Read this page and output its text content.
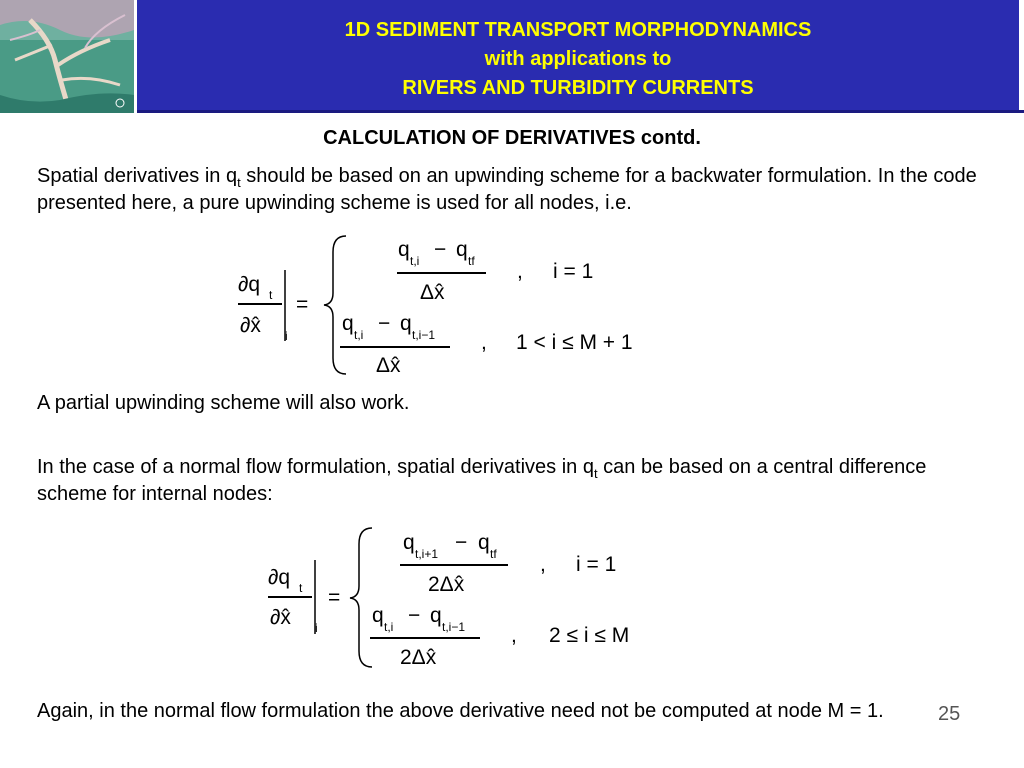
1D SEDIMENT TRANSPORT MORPHODYNAMICS
with applications to
RIVERS AND TURBIDITY CURRENTS
CALCULATION OF DERIVATIVES contd.
Spatial derivatives in $q_t$ should be based on an upwinding scheme for a backwater formulation. In the code presented here, a pure upwinding scheme is used for all nodes, i.e.
∂q t
∂x̂ i
=
q t,i − q tf
Δx̂
, i = 1
q t,i − q t,i−1
Δx̂
, 1 < i ≤ M + 1
A partial upwinding scheme will also work.
In the case of a normal flow formulation, spatial derivatives in $q_t$ can be based on a central difference scheme for internal nodes:
∂q t
∂x̂ i
=
q t,i+1 − q tf
2Δx̂
, i = 1
q t,i − q t,i−1
2Δx̂
, 2 ≤ i ≤ M
Again, in the normal flow formulation the above derivative need not be computed at node M = 1.	25
